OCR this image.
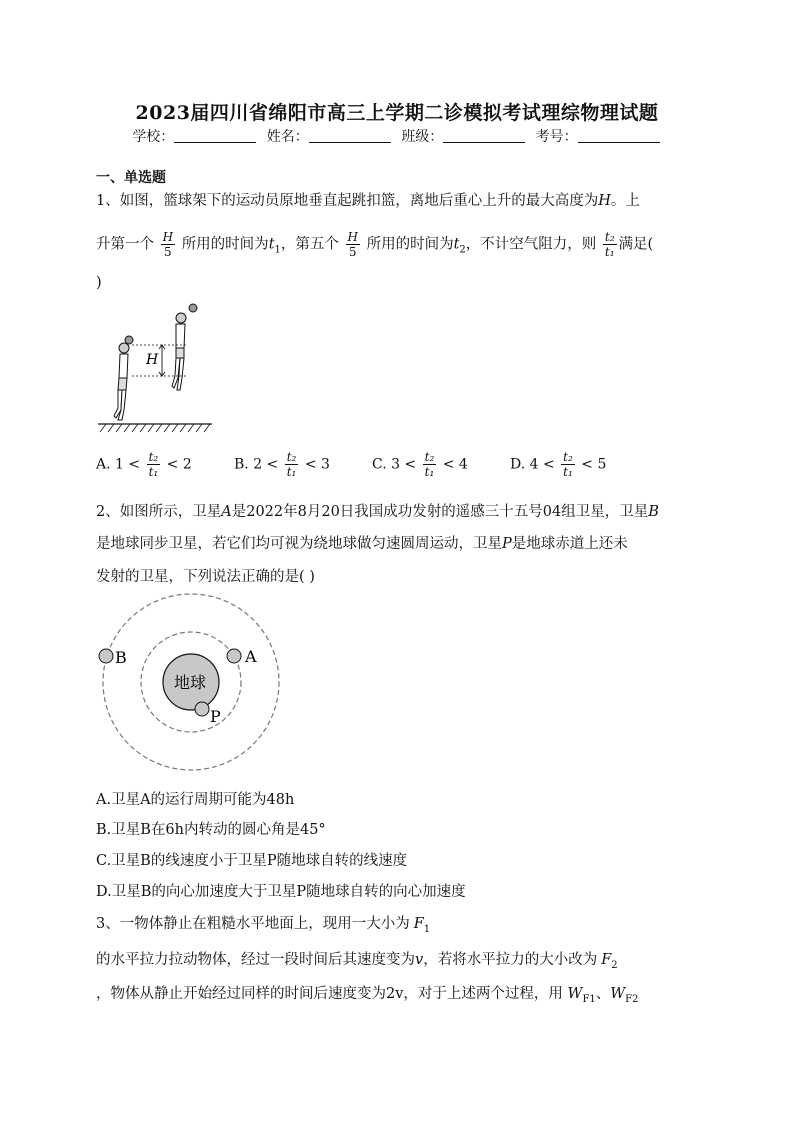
2023届四川省绵阳市高三上学期二诊模拟考试理综物理试题
学校：	姓名：	班级：	考号：
一、单选题
1、如图，篮球架下的运动员原地垂直起跳扣篮，离地后重心上升的最大高度为H。上
升第一个 $\frac{H}{5}$ 所用的时间为$t_1$，第五个 $\frac{H}{5}$ 所用的时间为$t_2$，不计空气阻力，则 $\frac{\text{t₂}}{\text{t₁}}$ 满足(
)
H
A. $1 < \frac{\text{t₂}}{\text{t₁}} < 2$	B. $2 < \frac{\text{t₂}}{\text{t₁}} < 3$	C. $3 < \frac{\text{t₂}}{\text{t₁}} < 4$	D. $4 < \frac{\text{t₂}}{\text{t₁}} < 5$
2、如图所示，卫星A是2022年8月20日我国成功发射的遥感三十五号04组卫星，卫星B
是地球同步卫星，若它们均可视为绕地球做匀速圆周运动，卫星P是地球赤道上还未
发射的卫星，下列说法正确的是( )
地球
B	A
P
A.卫星A的运行周期可能为48h
B.卫星B在6h内转动的圆心角是45°
C.卫星B的线速度小于卫星P随地球自转的线速度
D.卫星B的向心加速度大于卫星P随地球自转的向心加速度
3、一物体静止在粗糙水平地面上，现用一大小为 $F_1$
的水平拉力拉动物体，经过一段时间后其速度变为v，若将水平拉力的大小改为 $F_2$
，物体从静止开始经过同样的时间后速度变为2v，对于上述两个过程，用 $W_{F1}$、$W_{F2}$
